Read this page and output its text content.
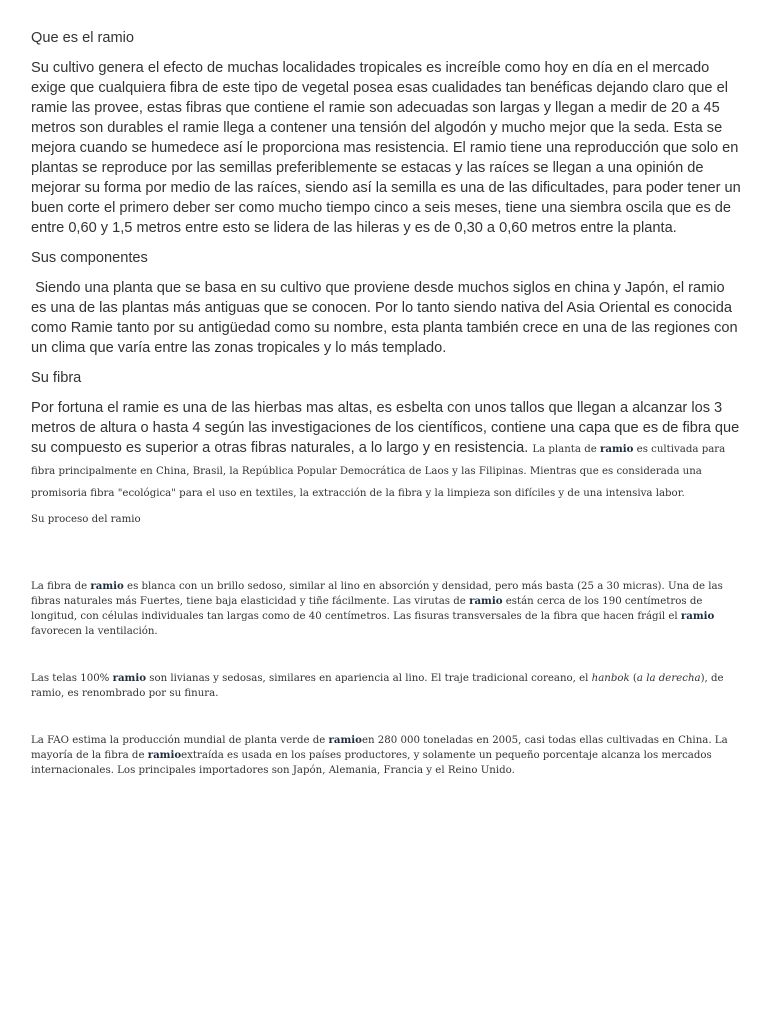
Que es el ramio
Su cultivo genera el efecto de muchas localidades tropicales es increíble como hoy en día en el mercado exige que cualquiera fibra de este tipo de vegetal posea esas cualidades tan benéficas dejando claro que el ramie las provee, estas fibras que contiene el ramie son adecuadas son largas y llegan a medir de 20 a 45 metros son durables el ramie llega a contener una tensión del algodón y mucho mejor que la seda. Esta se mejora cuando se humedece así le proporciona mas resistencia. El ramio tiene una reproducción que solo en plantas se reproduce por las semillas preferiblemente se estacas y las raíces se llegan a una opinión de mejorar su forma por medio de las raíces, siendo así la semilla es una de las dificultades, para poder tener un buen corte el primero deber ser como mucho tiempo cinco a seis meses, tiene una siembra oscila que es de entre 0,60 y 1,5 metros entre esto se lidera de las hileras y es de 0,30 a 0,60 metros entre la planta.
Sus componentes
Siendo una planta que se basa en su cultivo que proviene desde muchos siglos en china y Japón, el ramio es una de las plantas más antiguas que se conocen. Por lo tanto siendo nativa del Asia Oriental es conocida como Ramie tanto por su antigüedad como su nombre, esta planta también crece en una de las regiones con un clima que varía entre las zonas tropicales y lo más templado.
Su fibra
Por fortuna el ramie es una de las hierbas mas altas, es esbelta con unos tallos que llegan a alcanzar los 3 metros de altura o hasta 4 según las investigaciones de los científicos, contiene una capa que es de fibra que su compuesto es superior a otras fibras naturales, a lo largo y en resistencia. La planta de ramio es cultivada para fibra principalmente en China, Brasil, la República Popular Democrática de Laos y las Filipinas. Mientras que es considerada una promisoria fibra "ecológica" para el uso en textiles, la extracción de la fibra y la limpieza son difíciles y de una intensiva labor.
Su proceso del ramio
La fibra de ramio es blanca con un brillo sedoso, similar al lino en absorción y densidad, pero más basta (25 a 30 micras). Una de las fibras naturales más Fuertes, tiene baja elasticidad y tiñe fácilmente. Las virutas de ramio están cerca de los 190 centímetros de longitud, con células individuales tan largas como de 40 centímetros. Las fisuras transversales de la fibra que hacen frágil el ramio favorecen la ventilación.
Las telas 100% ramio son livianas y sedosas, similares en apariencia al lino. El traje tradicional coreano, el hanbok (a la derecha), de ramio, es renombrado por su finura.
La FAO estima la producción mundial de planta verde de ramioen 280 000 toneladas en 2005, casi todas ellas cultivadas en China. La mayoría de la fibra de ramioextraída es usada en los países productores, y solamente un pequeño porcentaje alcanza los mercados internacionales. Los principales importadores son Japón, Alemania, Francia y el Reino Unido.
